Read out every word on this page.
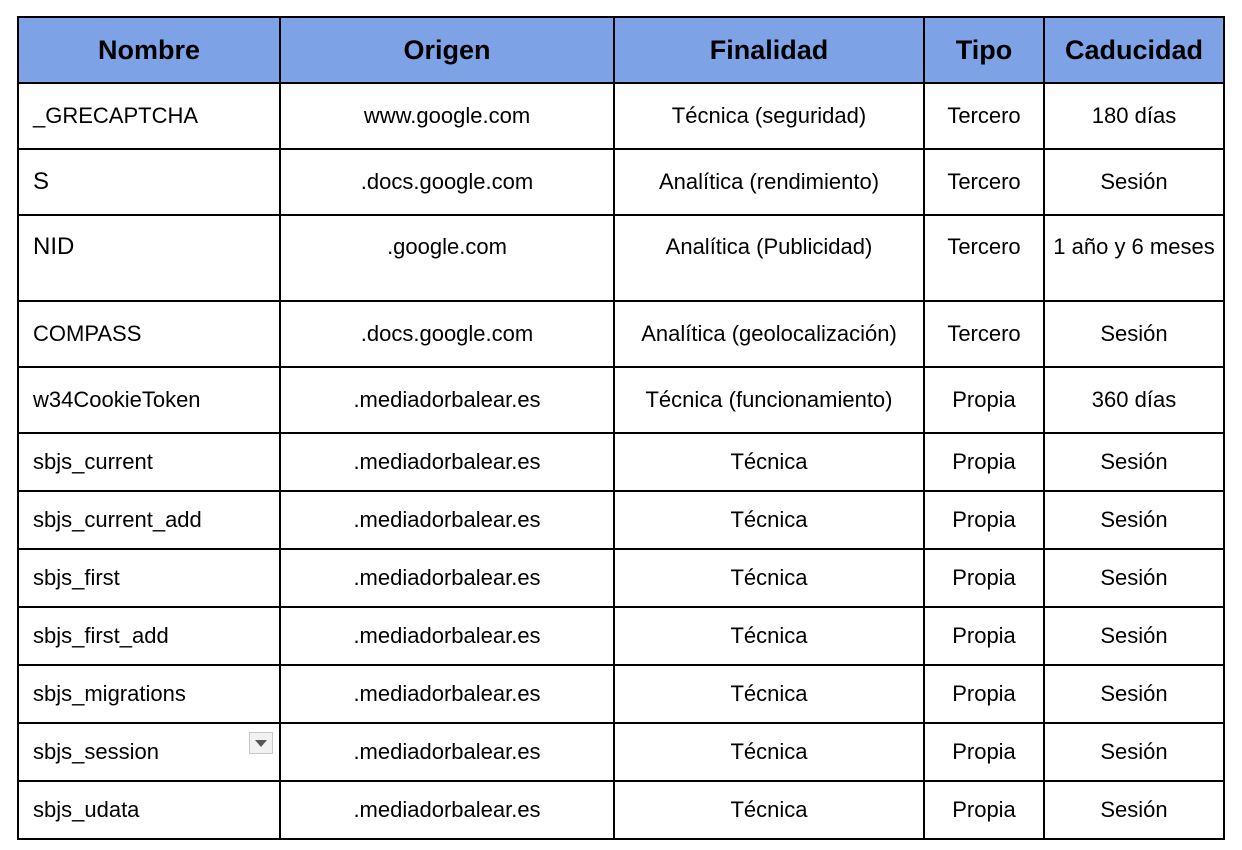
Nombre	Origen	Finalidad	Tipo	Caducidad
_GRECAPTCHA	www.google.com	Técnica (seguridad)	Tercero	180 días
S	.docs.google.com	Analítica (rendimiento)	Tercero	Sesión
NID	.google.com	Analítica (Publicidad)	Tercero	1 año y 6 meses
COMPASS	.docs.google.com	Analítica (geolocalización)	Tercero	Sesión
w34CookieToken	.mediadorbalear.es	Técnica (funcionamiento)	Propia	360 días
sbjs_current	.mediadorbalear.es	Técnica	Propia	Sesión
sbjs_current_add	.mediadorbalear.es	Técnica	Propia	Sesión
sbjs_first	.mediadorbalear.es	Técnica	Propia	Sesión
sbjs_first_add	.mediadorbalear.es	Técnica	Propia	Sesión
sbjs_migrations	.mediadorbalear.es	Técnica	Propia	Sesión
sbjs_session	.mediadorbalear.es	Técnica	Propia	Sesión
sbjs_udata	.mediadorbalear.es	Técnica	Propia	Sesión
